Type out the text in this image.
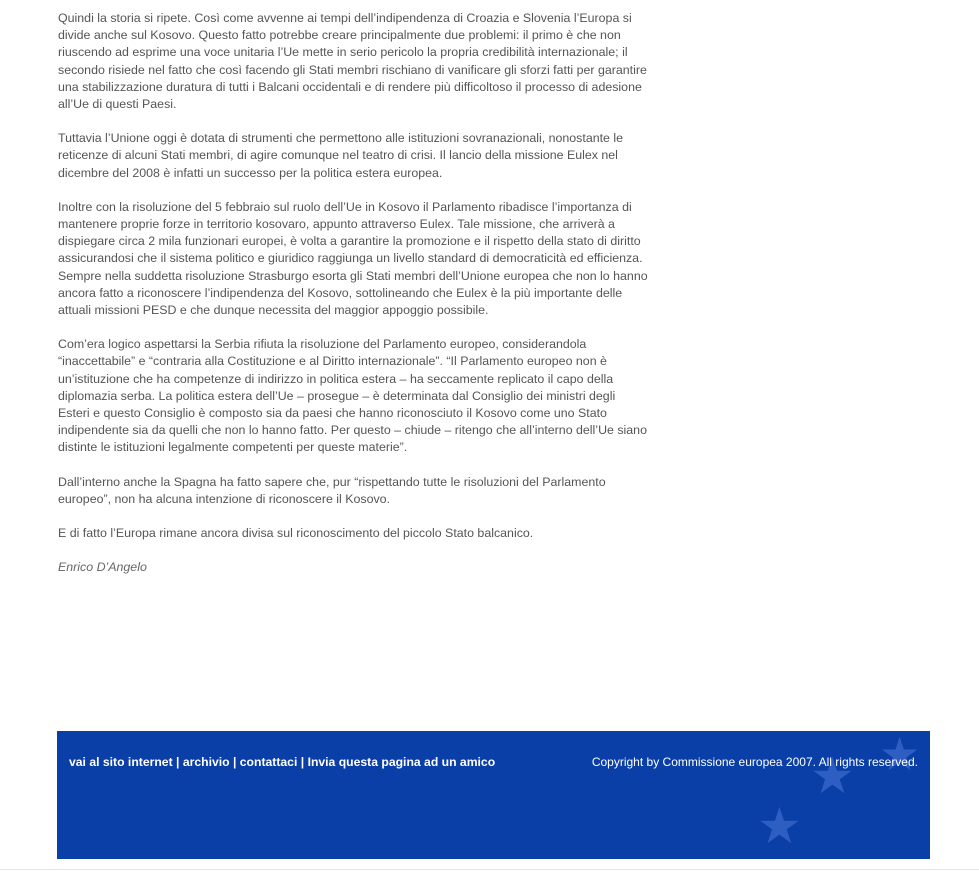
Quindi la storia si ripete. Così come avvenne ai tempi dell’indipendenza di Croazia e Slovenia l’Europa si divide anche sul Kosovo. Questo fatto potrebbe creare principalmente due problemi: il primo è che non riuscendo ad esprime una voce unitaria l’Ue mette in serio pericolo la propria credibilità internazionale; il secondo risiede nel fatto che così facendo gli Stati membri rischiano di vanificare gli sforzi fatti per garantire una stabilizzazione duratura di tutti i Balcani occidentali e di rendere più difficoltoso il processo di adesione all’Ue di questi Paesi.

Tuttavia l’Unione oggi è dotata di strumenti che permettono alle istituzioni sovranazionali, nonostante le reticenze di alcuni Stati membri, di agire comunque nel teatro di crisi. Il lancio della missione Eulex nel dicembre del 2008 è infatti un successo per la politica estera europea.

Inoltre con la risoluzione del 5 febbraio sul ruolo dell’Ue in Kosovo il Parlamento ribadisce l’importanza di mantenere proprie forze in territorio kosovaro, appunto attraverso Eulex. Tale missione, che arriverà a dispiegare circa 2 mila funzionari europei, è volta a garantire la promozione e il rispetto della stato di diritto assicurandosi che il sistema politico e giuridico raggiunga un livello standard di democraticità ed efficienza. Sempre nella suddetta risoluzione Strasburgo esorta gli Stati membri dell’Unione europea che non lo hanno ancora fatto a riconoscere l’indipendenza del Kosovo, sottolineando che Eulex è la più importante delle attuali missioni PESD e che dunque necessita del maggior appoggio possibile.

Com’era logico aspettarsi la Serbia rifiuta la risoluzione del Parlamento europeo, considerandola “inaccettabile” e “contraria alla Costituzione e al Diritto internazionale”. “Il Parlamento europeo non è un’istituzione che ha competenze di indirizzo in politica estera – ha seccamente replicato il capo della diplomazia serba. La politica estera dell’Ue – prosegue – è determinata dal Consiglio dei ministri degli Esteri e questo Consiglio è composto sia da paesi che hanno riconosciuto il Kosovo come uno Stato indipendente sia da quelli che non lo hanno fatto. Per questo – chiude – ritengo che all’interno dell’Ue siano distinte le istituzioni legalmente competenti per queste materie”.

Dall’interno anche la Spagna ha fatto sapere che, pur “rispettando tutte le risoluzioni del Parlamento europeo”, non ha alcuna intenzione di riconoscere il Kosovo.

E di fatto l’Europa rimane ancora divisa sul riconoscimento del piccolo Stato balcanico.

Enrico D’Angelo

vai al sito internet | archivio | contattaci | Invia questa pagina ad un amico	★
★
★
Copyright by Commissione europea 2007. All rights reserved.
